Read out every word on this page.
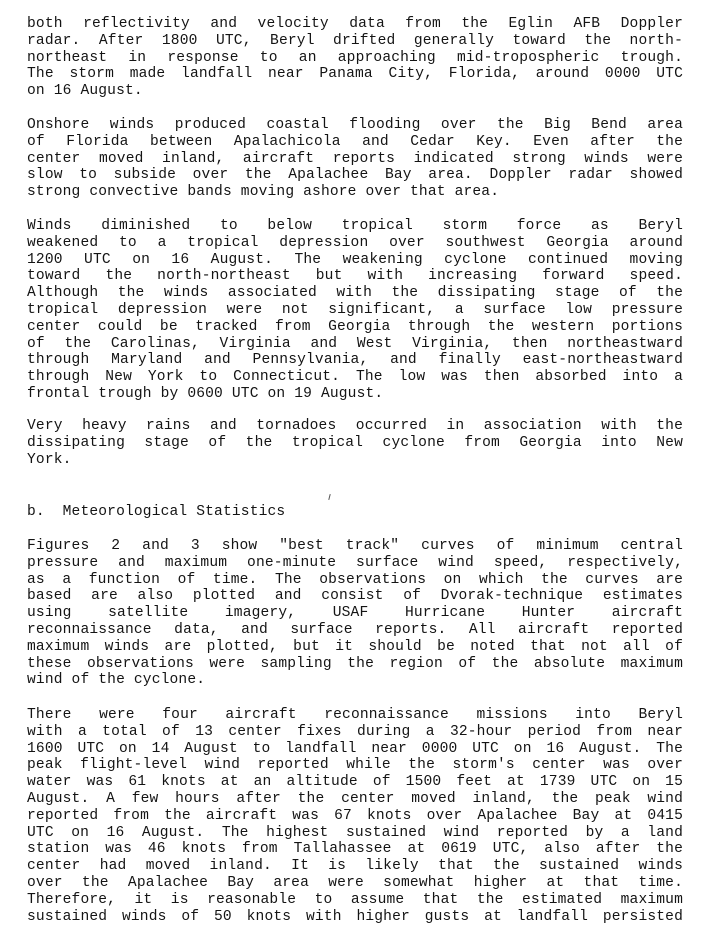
both reflectivity and velocity data from the Eglin AFB Doppler
radar. After 1800 UTC, Beryl drifted generally toward the north-
northeast in response to an approaching mid-tropospheric trough.
The storm made landfall near Panama City, Florida, around 0000 UTC
on 16 August.
Onshore winds produced coastal flooding over the Big Bend area
of Florida between Apalachicola and Cedar Key. Even after the
center moved inland, aircraft reports indicated strong winds were
slow to subside over the Apalachee Bay area. Doppler radar showed
strong convective bands moving ashore over that area.
Winds diminished to below tropical storm force as Beryl
weakened to a tropical depression over southwest Georgia around
1200 UTC on 16 August. The weakening cyclone continued moving
toward the north-northeast but with increasing forward speed.
Although the winds associated with the dissipating stage of the
tropical depression were not significant, a surface low pressure
center could be tracked from Georgia through the western portions
of the Carolinas, Virginia and West Virginia, then northeastward
through Maryland and Pennsylvania, and finally east-northeastward
through New York to Connecticut. The low was then absorbed into a
frontal trough by 0600 UTC on 19 August.
Very heavy rains and tornadoes occurred in association with the
dissipating stage of the tropical cyclone from Georgia into New
York.
b.  Meteorological Statistics
Figures 2 and 3 show "best track" curves of minimum central
pressure and maximum one-minute surface wind speed, respectively,
as a function of time. The observations on which the curves are
based are also plotted and consist of Dvorak-technique estimates
using satellite imagery, USAF Hurricane Hunter aircraft
reconnaissance data, and surface reports. All aircraft reported
maximum winds are plotted, but it should be noted that not all of
these observations were sampling the region of the absolute maximum
wind of the cyclone.
There were four aircraft reconnaissance missions into Beryl
with a total of 13 center fixes during a 32-hour period from near
1600 UTC on 14 August to landfall near 0000 UTC on 16 August. The
peak flight-level wind reported while the storm's center was over
water was 61 knots at an altitude of 1500 feet at 1739 UTC on 15
August. A few hours after the center moved inland, the peak wind
reported from the aircraft was 67 knots over Apalachee Bay at 0415
UTC on 16 August. The highest sustained wind reported by a land
station was 46 knots from Tallahassee at 0619 UTC, also after the
center had moved inland. It is likely that the sustained winds
over the Apalachee Bay area were somewhat higher at that time.
Therefore, it is reasonable to assume that the estimated maximum
sustained winds of 50 knots with higher gusts at landfall persisted
